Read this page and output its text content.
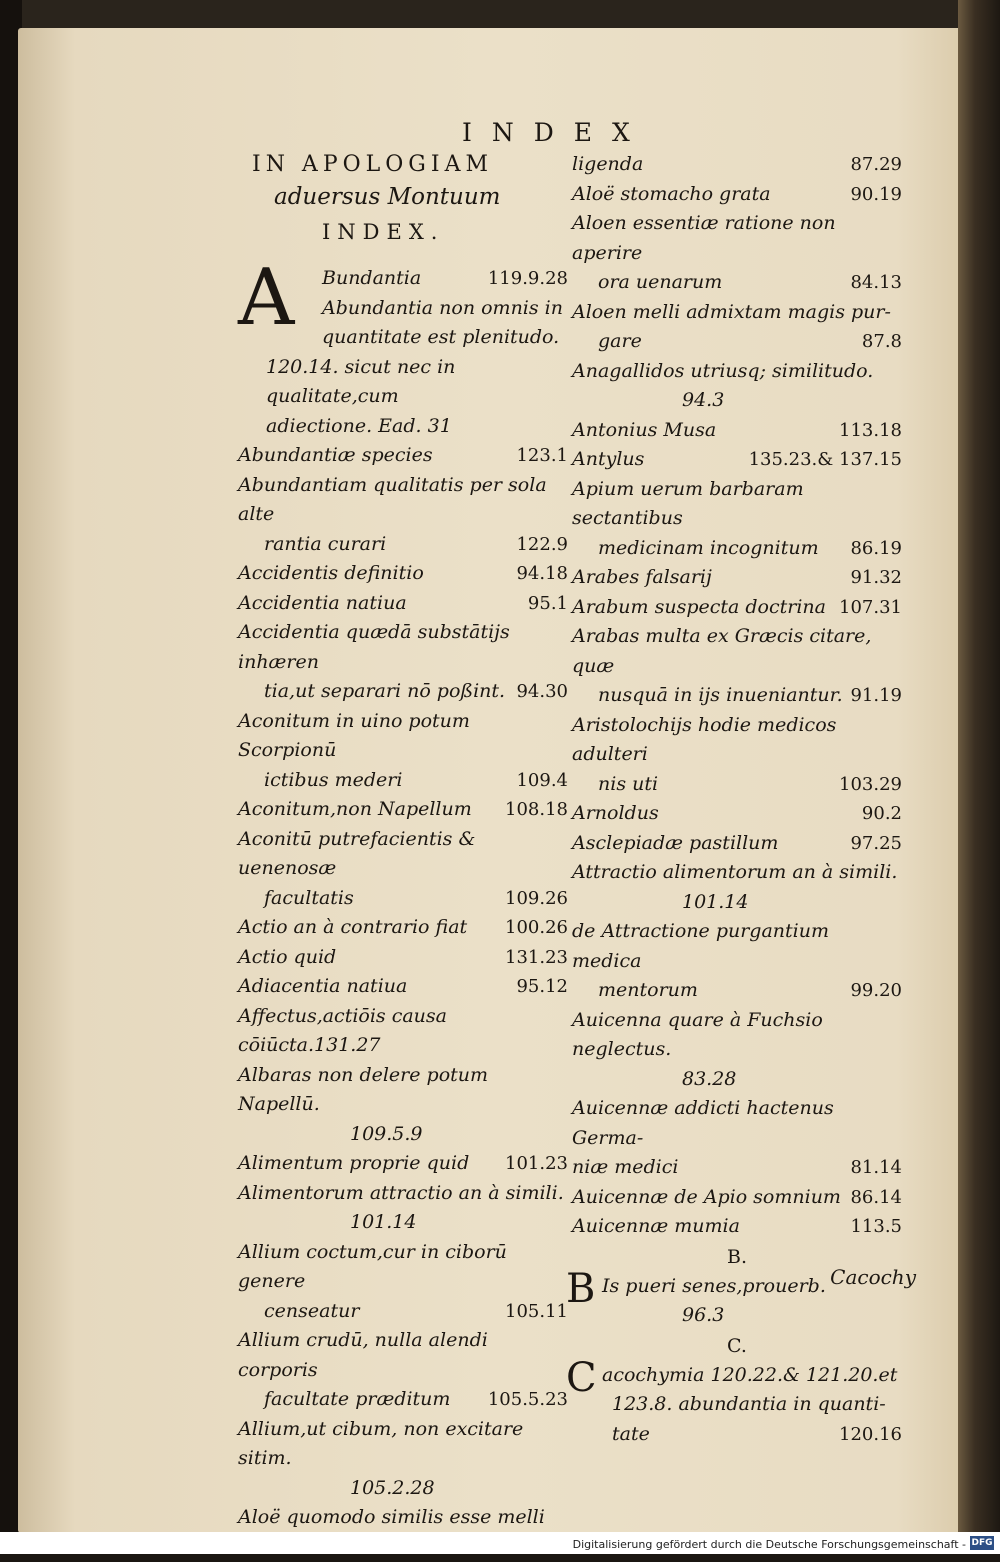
INDEX
IN APOLOGIAM
aduersus Montuum
INDEX.
A Bundantia	119.9.28
Abundantia non omnis in
quantitate est plenitudo.
120.14. sicut nec in qualitate,cum
adiectione. Ead. 31
Abundantiæ species	123.1
Abundantiam qualitatis per sola alte
rantia curari	122.9
Accidentis definitio	94.18
Accidentia natiua	95.1
Accidentia quædā substātijs inhæren
tia,ut separari nō poßint. 94.30
Aconitum in uino potum Scorpionū
ictibus mederi	109.4
Aconitum,non Napellum	108.18
Aconitū putrefacientis & uenenosæ
facultatis	109.26
Actio an à contrario fiat	100.26
Actio quid	131.23
Adiacentia natiua	95.12
Affectus,actiōis causa cōiūcta.131.27
Albaras non delere potum Napellū.
109.5.9
Alimentum proprie quid	101.23
Alimentorum attractio an à simili.
101.14
Allium coctum,cur in ciborū genere
censeatur	105.11
Allium crudū, nulla alendi corporis
facultate præditum	105.5.23
Allium,ut cibum, non excitare sitim.
105.2.28
Aloë quomodo similis esse melli
ligenda	87.29
Aloë stomacho grata	90.19
Aloen essentiæ ratione non aperire
ora uenarum	84.13
Aloen melli admixtam magis pur-
gare	87.8
Anagallidos utriusq; similitudo.
94.3
Antonius Musa	113.18
Antylus	135.23.& 137.15
Apium uerum barbaram sectantibus
medicinam incognitum	86.19
Arabes falsarij	91.32
Arabum suspecta doctrina 107.31
Arabas multa ex Græcis citare, quæ
nusquā in ijs inueniantur. 91.19
Aristolochijs hodie medicos adulteri
nis uti	103.29
Arnoldus	90.2
Asclepiadæ pastillum	97.25
Attractio alimentorum an à simili.
101.14
de Attractione purgantium medica
mentorum	99.20
Auicenna quare à Fuchsio neglectus.
83.28
Auicennæ addicti hactenus Germa-
niæ medici	81.14
Auicennæ de Apio somnium 86.14
Auicennæ mumia	113.5
B.
B Is pueri senes,prouerb.
96.3
C.
C acochymia 120.22.& 121.20.et
123.8. abundantia in quanti-
tate	120.16
Cacochy
Digitalisierung gefördert durch die Deutsche Forschungsgemeinschaft - DFG
